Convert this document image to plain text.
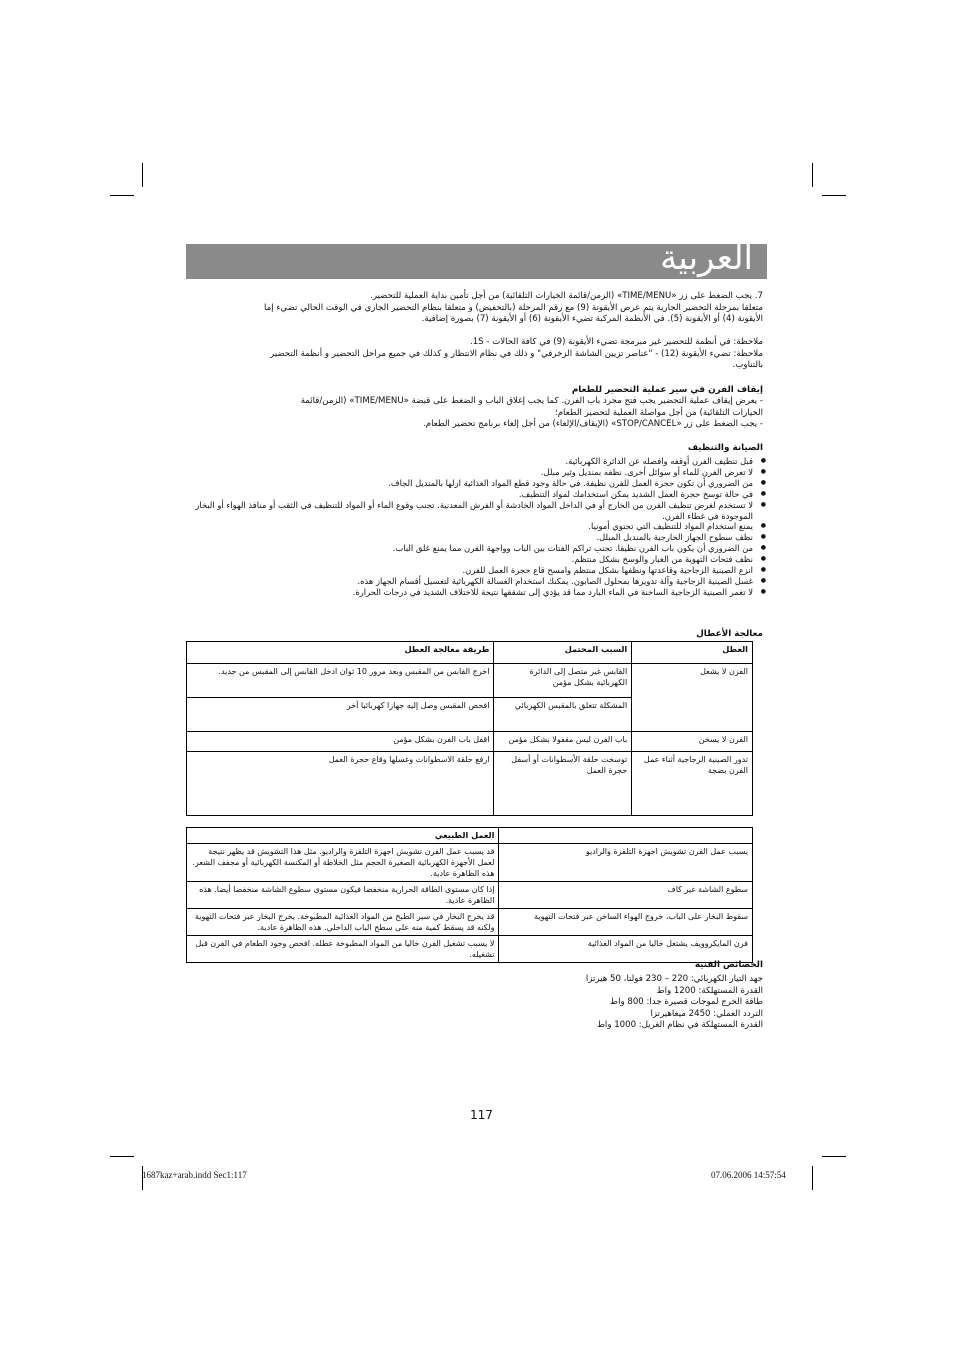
العربية

7. يجب الضغط على زر «TIME/MENU» (الزمن/قائمة الخيارات التلقائية) من أجل تأمين بداية العملية للتحضير.

متعلقا بمرحلة التحضير الجارية يتم عرض الأيقونة (9) مع رقم المرحلة (بالتخفيض) و متعلقا بنظام التحضير الجاري في الوقت الحالي تضيء إما

الأيقونة (4) أو الأيقونة (5). في الأنظمة المركبة تضيء الأيقونة (6) أو الأيقونة (7) بصورة إضافية.

ملاحظة: في أنظمة للتحضير غير مبرمجة تضيء الأيقونة (9) في كافة الحالات - 1S.

ملاحظة: تضيء الأيقونة (12) - "عناصر تزيين الشاشة الزخرفي" و ذلك في نظام الانتظار و كذلك في جميع مراحل التحضير و أنظمة التحضير

بالتناوب.

إيقاف الفرن في سير عملية التحضير للطعام

- يعرض إيقاف عملية التحضير يجب فتح مجرد باب الفرن. كما يجب إغلاق الباب و الضغط على قبضة «TIME/MENU» (الزمن/قائمة

الخيارات التلقائية) من أجل مواصلة العملية لتحضير الطعام؛

- يجب الضغط على زر «STOP/CANCEL» (الإيقاف/الإلغاء) من أجل إلغاء برنامج تحضير الطعام.

الصيانة والتنظيف

● قبل تنظيف الفرن أوقفه وافصله عن الدائرة الكهربائية.
● لا تعرض الفرن للماء أو سوائل أخرى. نظفه بمنديل وثير مبلل.
● من الضروري أن تكون حجرة العمل للفرن نظيفة. في حالة وجود قطع المواد الغذائية ازلها بالمنديل الجاف.
● في حالة توسخ حجرة العمل الشديد يمكن استخدامك لمواد التنظيف.
● لا تستخدم لغرض تنظيف الفرن من الخارج أو في الداخل المواد الخادشة أو الفرش المعدنية. تجنب وقوع الماء أو المواد للتنظيف في الثقب أو منافذ الهواء أو البخار الموجودة في غطاء الفرن.
● يمنع استخدام المواد للتنظيف التي تحتوي أمونيا.
● نظف سطوح الجهاز الخارجية بالمنديل المبلل.
● من الضروري أن يكون باب الفرن نظيفا. تجنب تراكم الفتات بين الباب وواجهة الفرن مما يمنع غلق الباب.
● نظف فتحات التهوية من الغبار والوسخ بشكل منتظم.
● انزع الصينية الزجاجية وقاعدتها ونظفها بشكل منتظم وامسح قاع حجرة العمل للفرن.
● غسل الصينية الزجاجية وآلة تدويرها بمحلول الصابون. يمكنك استخدام الغسالة الكهربائية لتغسيل أقسام الجهاز هذه.
● لا تغمر الصينية الزجاجية الساخنة في الماء البارد مما قد يؤدي إلى تشققها نتيجة للاختلاف الشديد في درجات الحرارة.

معالجة الأعطال

العطل	السبب المحتمل	طريقة معالجة العطل
الفرن لا يشعل	القابس غير متصل إلى الدائرة الكهربائية بشكل مؤمن	اخرج القابس من المقبس وبعد مرور 10 ثوان ادخل القابس إلى المقبس من جديد.
	المشكلة تتعلق بالمقبس الكهربائي	افحص المقبس وصل إليه جهازا كهربائيا آخر
الفرن لا يسخن	باب الفرن ليس مقفولا بشكل مؤمن	اقفل باب الفرن بشكل مؤمن
تدور الصينية الزجاجية أثناء عمل الفرن بضجة	توسخت حلقة الأسطوانات أو أسفل حجرة العمل	ارفع حلقة الاسطوانات وغسلها وقاع حجرة العمل
	العمل الطبيعي
يسبب عمل الفرن تشويش اجهزة التلفزة والراديو	قد يسبب عمل الفرن تشويش اجهزة التلفزة والراديو. مثل هذا التشويش قد يظهر نتيجة لعمل الأجهزة الكهربائية الصغيرة الحجم مثل الخلاطة أو المكنسة الكهربائية أو مجفف الشعر. هذه الظاهرة عادية.
سطوع الشاشة غير كاف	إذا كان مستوى الطاقة الحرارية منخفضا فيكون مستوى سطوع الشاشة منخفضا أيضا. هذه الظاهرة عادية.
سقوط البخار على الباب، خروج الهواء الساخن عبر فتحات التهوية	قد يخرج البخار في سير الطبخ من المواد الغذائية المطبوخة. يخرج البخار عبر فتحات التهوية ولكنه قد يسقط كمية منه على سطح الباب الداخلي. هذه الظاهرة عادية.
فرن المايكروويف يشتغل خاليا من المواد الغذائية	لا يسبب تشغيل الفرن خاليا من المواد المطبوخة عطله. افحص وجود الطعام في الفرن قبل تشغيله.

الخصائص الفنية

جهد التيار الكهربائي: 220 – 230 فولتا، 50 هيرتزا

القدرة المستهلكة: 1200 واط

طاقة الخرج لموجات قصيرة جدا: 800 واط

التردد العملي: 2450 ميغاهيرتزا

القدرة المستهلكة في نظام الغريل: 1000 واط

117
1687kaz+arab.indd Sec1:117	07.06.2006 14:57:54
